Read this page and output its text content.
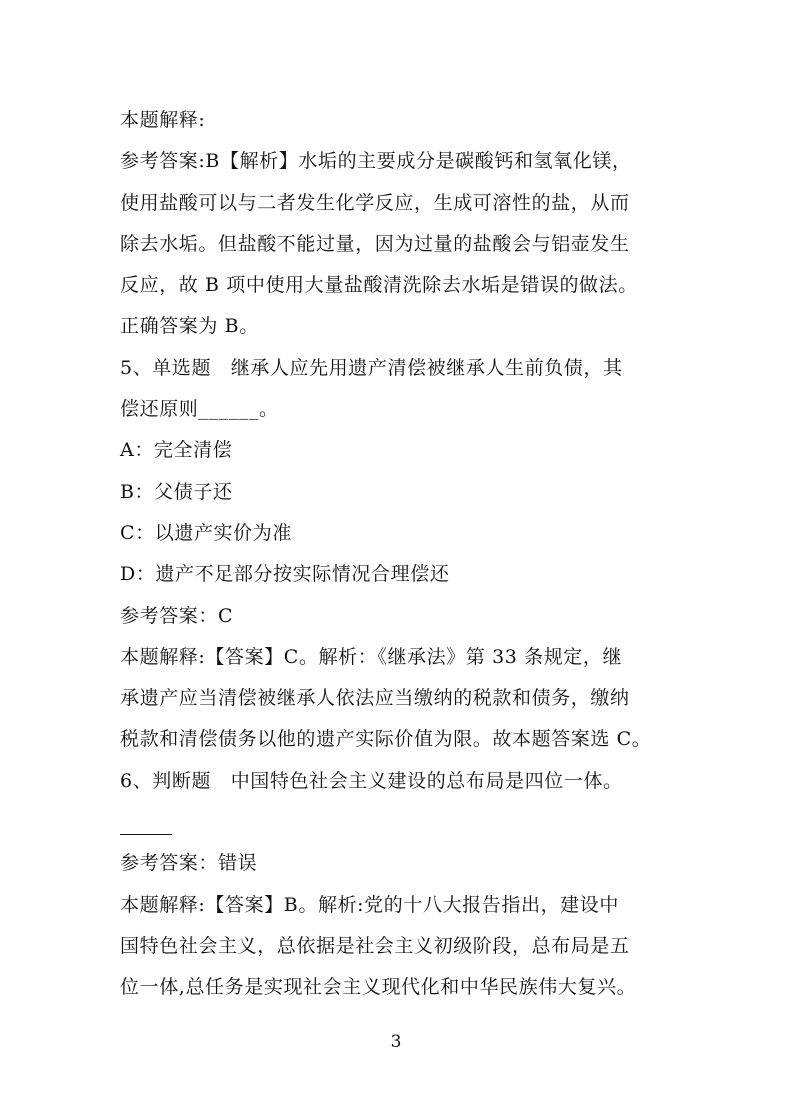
本题解释:
参考答案:B【解析】水垢的主要成分是碳酸钙和氢氧化镁，
使用盐酸可以与二者发生化学反应，生成可溶性的盐，从而
除去水垢。但盐酸不能过量，因为过量的盐酸会与铝壶发生
反应，故 B 项中使用大量盐酸清洗除去水垢是错误的做法。
正确答案为 B。
5、单选题　继承人应先用遗产清偿被继承人生前负债，其
偿还原则______。
A：完全清偿
B：父债子还
C：以遗产实价为准
D：遗产不足部分按实际情况合理偿还
参考答案：C
本题解释:【答案】C。解析：《继承法》第 33 条规定，继
承遗产应当清偿被继承人依法应当缴纳的税款和债务，缴纳
税款和清偿债务以他的遗产实际价值为限。故本题答案选 C。
6、判断题　中国特色社会主义建设的总布局是四位一体。
参考答案：错误
本题解释:【答案】B。解析:党的十八大报告指出，建设中
国特色社会主义，总依据是社会主义初级阶段，总布局是五
位一体,总任务是实现社会主义现代化和中华民族伟大复兴。
3
